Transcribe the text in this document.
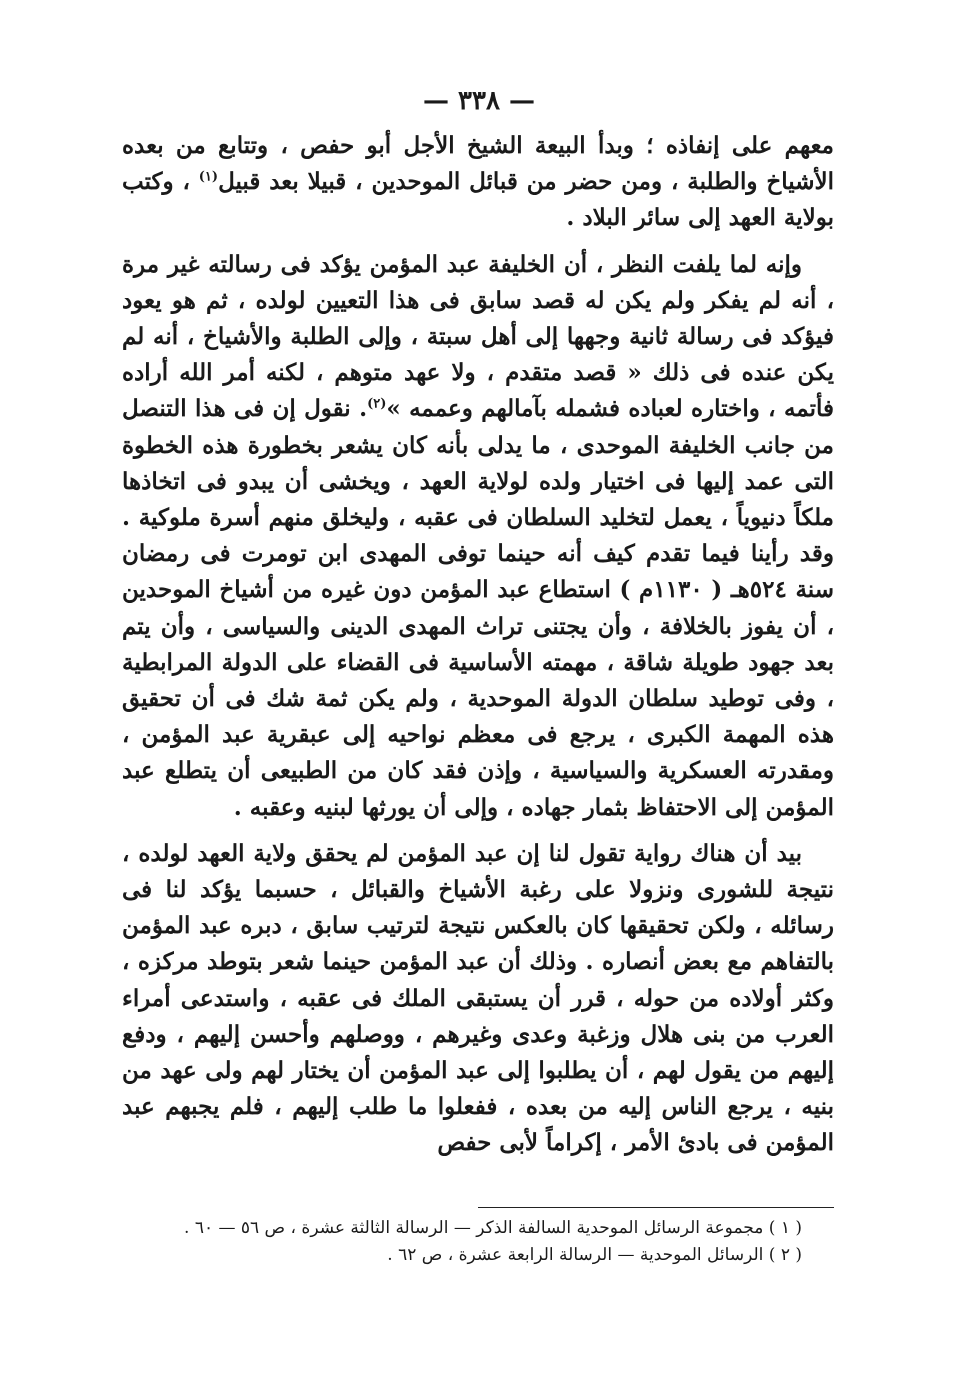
— ٣٣٨ —

معهم على إنفاذه ؛ وبدأ البيعة الشيخ الأجل أبو حفص ، وتتابع من بعده الأشياخ والطلبة ، ومن حضر من قبائل الموحدين ، قبيلا بعد قبيل$^{(١)}$ ، وكتب بولاية العهد إلى سائر البلاد .

وإنه لما يلفت النظر ، أن الخليفة عبد المؤمن يؤكد فى رسالته غير مرة ، أنه لم يفكر ولم يكن له قصد سابق فى هذا التعيين لولده ، ثم هو يعود فيؤكد فى رسالة ثانية وجهها إلى أهل سبتة ، وإلى الطلبة والأشياخ ، أنه لم يكن عنده فى ذلك « قصد متقدم ، ولا عهد متوهم ، لكنه أمر الله أراده فأتمه ، واختاره لعباده فشمله بآمالهم وعممه »$^{(٢)}$. نقول إن فى هذا التنصل من جانب الخليفة الموحدى ، ما يدلى بأنه كان يشعر بخطورة هذه الخطوة التى عمد إليها فى اختيار ولده لولاية العهد ، ويخشى أن يبدو فى اتخاذها ملكاً دنيوياً ، يعمل لتخليد السلطان فى عقبه ، وليخلق منهم أسرة ملوكية . وقد رأينا فيما تقدم كيف أنه حينما توفى المهدى ابن تومرت فى رمضان سنة ٥٢٤هـ ( ١١٣٠م ) استطاع عبد المؤمن دون غيره من أشياخ الموحدين ، أن يفوز بالخلافة ، وأن يجتنى تراث المهدى الدينى والسياسى ، وأن يتم بعد جهود طويلة شاقة ، مهمته الأساسية فى القضاء على الدولة المرابطية ، وفى توطيد سلطان الدولة الموحدية ، ولم يكن ثمة شك فى أن تحقيق هذه المهمة الكبرى ، يرجع فى معظم نواحيه إلى عبقرية عبد المؤمن ، ومقدرته العسكرية والسياسية ، وإذن فقد كان من الطبيعى أن يتطلع عبد المؤمن إلى الاحتفاظ بثمار جهاده ، وإلى أن يورثها لبنيه وعقبه .

بيد أن هناك رواية تقول لنا إن عبد المؤمن لم يحقق ولاية العهد لولده ، نتيجة للشورى ونزولا على رغبة الأشياخ والقبائل ، حسبما يؤكد لنا فى رسائله ، ولكن تحقيقها كان بالعكس نتيجة لترتيب سابق ، دبره عبد المؤمن بالتفاهم مع بعض أنصاره . وذلك أن عبد المؤمن حينما شعر بتوطد مركزه ، وكثر أولاده من حوله ، قرر أن يستبقى الملك فى عقبه ، واستدعى أمراء العرب من بنى هلال وزغبة وعدى وغيرهم ، ووصلهم وأحسن إليهم ، ودفع إليهم من يقول لهم ، أن يطلبوا إلى عبد المؤمن أن يختار لهم ولى عهد من بنيه ، يرجع الناس إليه من بعده ، ففعلوا ما طلب إليهم ، فلم يجبهم عبد المؤمن فى بادئ الأمر ، إكراماً لأبى حفص

( ١ ) مجموعة الرسائل الموحدية السالفة الذكر — الرسالة الثالثة عشرة ، ص ٥٦ — ٦٠ .
( ٢ ) الرسائل الموحدية — الرسالة الرابعة عشرة ، ص ٦٢ .
